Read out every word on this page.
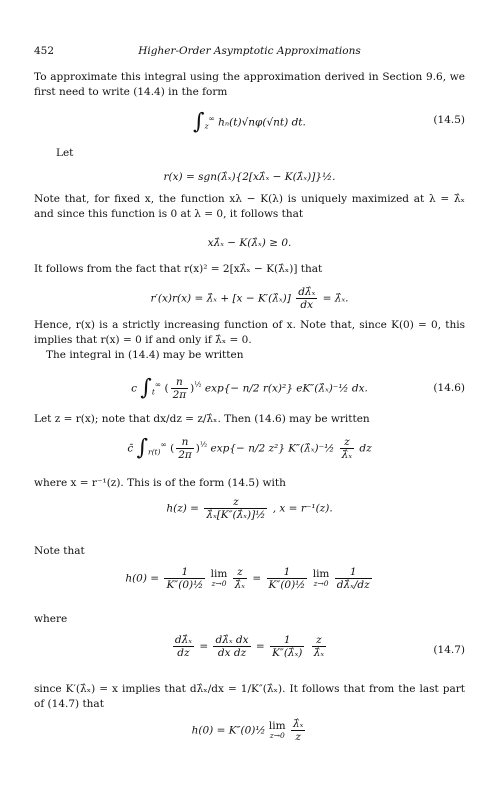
452	Higher-Order Asymptotic Approximations
To approximate this integral using the approximation derived in Section 9.6, we first need to write (14.4) in the form
$\int_z^\infty$ hₙ(t)√nφ(√nt) dt.	(14.5)
Let
r(x) = sgn(λ̂ₓ){2[xλ̂ₓ − K(λ̂ₓ)]}½.
Note that, for fixed x, the function xλ − K(λ) is uniquely maximized at λ = λ̂ₓ and since this function is 0 at λ = 0, it follows that
xλ̂ₓ − K(λ̂ₓ) ≥ 0.
It follows from the fact that r(x)² = 2[xλ̂ₓ − K(λ̂ₓ)] that
r′(x)r(x) = λ̂ₓ + [x − K′(λ̂ₓ)] $\frac{\text{dλ̂ₓ}}{dx}$ = λ̂ₓ.
Hence, r(x) is a strictly increasing function of x. Note that, since K(0) = 0, this implies that r(x) = 0 if and only if λ̂ₓ = 0.
The integral in (14.4) may be written
c $\int_t^\infty$ ( $\frac{n}{2\pi} )^{\frac{1}{2}}$ exp{− n/2 r(x)²} eK″(λ̂ₓ)⁻½ dx.	(14.6)
Let z = r(x); note that dx/dz = z/λ̂ₓ. Then (14.6) may be written
c̄ $\int_{r(t)}^\infty$ ( $\frac{n}{2\pi} )^{\frac{1}{2}}$ exp{− n/2 z²} K″(λ̂ₓ)⁻½ $\frac{z}{\text{λ̂ₓ}}$ dz
where x = r⁻¹(z). This is of the form (14.5) with
$h(z) = \frac{z}{\text{λ̂ₓ[K″(λ̂ₓ)]½}}$ , x = r⁻¹(z).
Note that
$h(0) = \frac{1}{\text{K″(0)½}}$ lim
z→0
$\frac{z}{\text{λ̂ₓ}} = \frac{1}{\text{K″(0)½}}$ lim
z→0
$\frac{1}{\text{dλ̂ₓ/dz}}$
where
$\frac{\text{dλ̂ₓ}}{dz} = \frac{\text{dλ̂ₓ dx}}{\text{dx dz}} = \frac{1}{\text{K″(λ̂ₓ)}}$
$\frac{z}{\text{λ̂ₓ}}$	(14.7)
since K′(λ̂ₓ) = x implies that dλ̂ₓ/dx = 1/K″(λ̂ₓ). It follows that from the last part of (14.7) that
h(0) = K″(0)½ lim
z→0
$\frac{\text{λ̂ₓ}}{z}$
